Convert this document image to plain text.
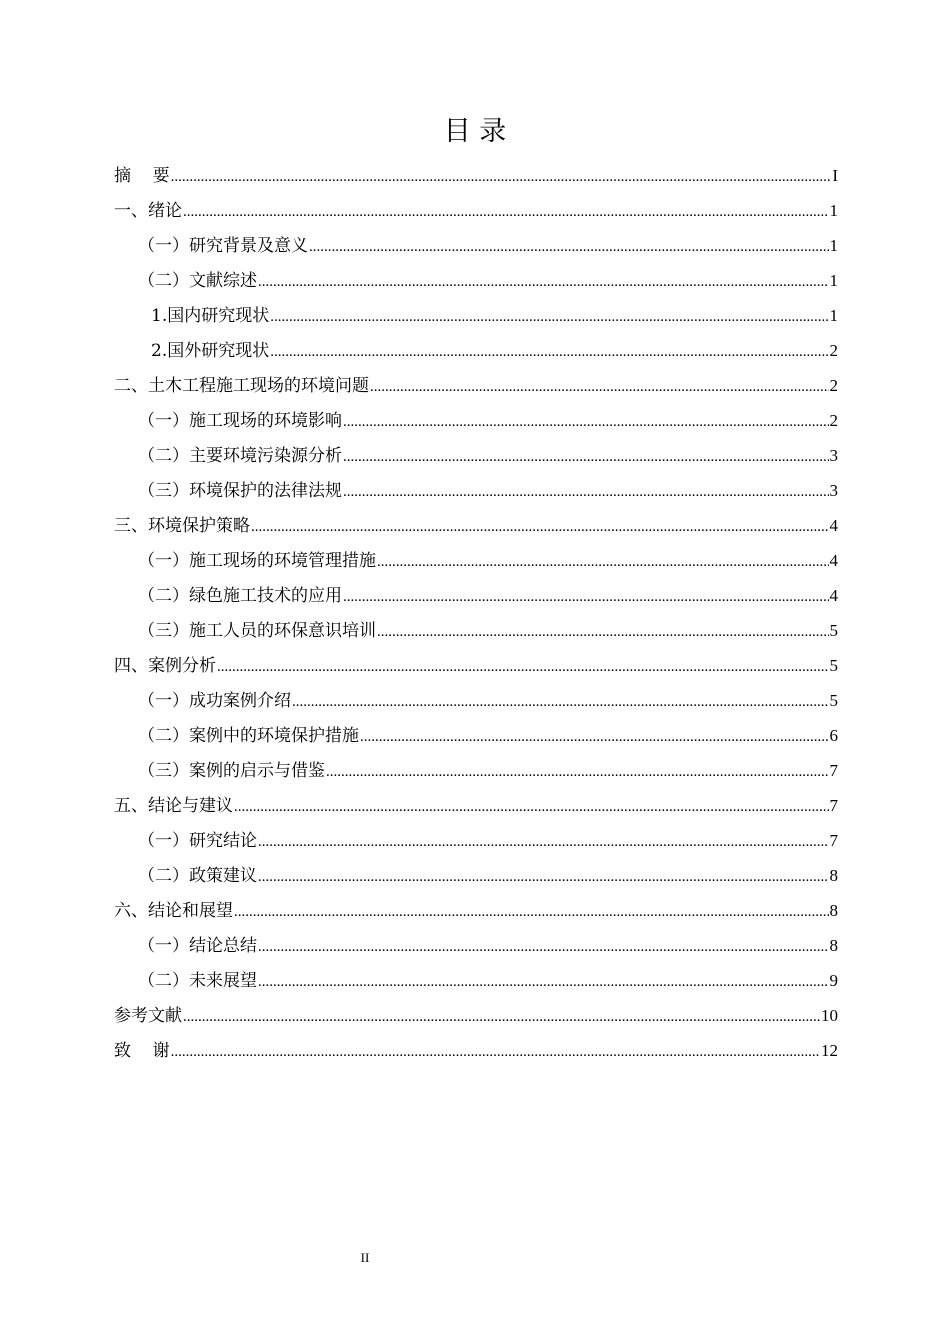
目 录
摘    要 .....	I
一、绪论 .....	1
（一）研究背景及意义 .....	1
（二）文献综述 .....	1
1.国内研究现状 .....	1
2.国外研究现状 .....	2
二、土木工程施工现场的环境问题 .....	2
（一）施工现场的环境影响 .....	2
（二）主要环境污染源分析 .....	3
（三）环境保护的法律法规 .....	3
三、环境保护策略 .....	4
（一）施工现场的环境管理措施 .....	4
（二）绿色施工技术的应用 .....	4
（三）施工人员的环保意识培训 .....	5
四、案例分析 .....	5
（一）成功案例介绍 .....	5
（二）案例中的环境保护措施 .....	6
（三）案例的启示与借鉴 .....	7
五、结论与建议 .....	7
（一）研究结论 .....	7
（二）政策建议 .....	8
六、结论和展望 .....	8
（一）结论总结 .....	8
（二）未来展望 .....	9
参考文献 .....	10
致    谢 .....	12
II
